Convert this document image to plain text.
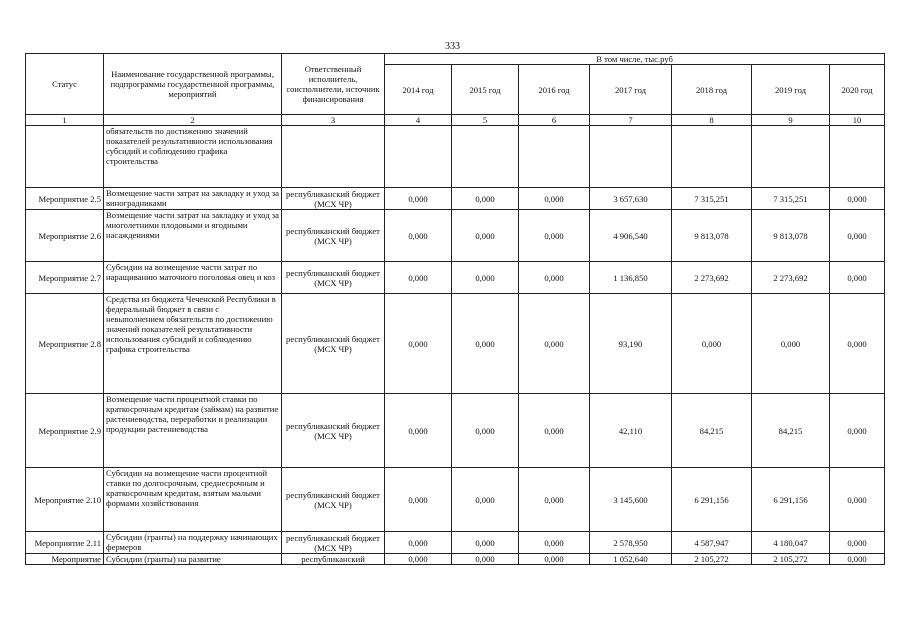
333
Статус	Наименование государственной программы, подпрограммы государственной программы, мероприятий	Ответственный исполнитель, соисполнители, источник финансирования	В том числе, тыс.руб						
			2014 год	2015 год	2016 год	2017 год	2018 год	2019 год	2020 год
1	2	3	4	5	6	7	8	9	10
	обязательств по достижению значений показателей результативности использования субсидий и соблюдению графика строительства								
Мероприятие 2.5	Возмещение части затрат на закладку и уход за виноградниками	республиканский бюджет (МСХ ЧР)	0,000	0,000	0,000	3 657,630	7 315,251	7 315,251	0,000
Мероприятие 2.6	Возмещение части затрат на закладку и уход за многолетними плодовыми и ягодными насаждениями	республиканский бюджет (МСХ ЧР)	0,000	0,000	0,000	4 906,540	9 813,078	9 813,078	0,000
Мероприятие 2.7	Субсидии на возмещение части затрат по наращиванию маточного поголовья овец и коз	республиканский бюджет (МСХ ЧР)	0,000	0,000	0,000	1 136,850	2 273,692	2 273,692	0,000
Мероприятие 2.8	Средства из бюджета Чеченской Республики в федеральный бюджет в связи с невыполнением обязательств по достижению значений показателей результативности использования субсидий и соблюдению графика строительства	республиканский бюджет (МСХ ЧР)	0,000	0,000	0,000	93,190	0,000	0,000	0,000
Мероприятие 2.9	Возмещение части процентной ставки по краткосрочным кредитам (займам) на развитие растениеводства, переработки и реализации продукции растениеводства	республиканский бюджет (МСХ ЧР)	0,000	0,000	0,000	42,110	84,215	84,215	0,000
Мероприятие 2.10	Субсидии на возмещение части процентной ставки по долгосрочным, среднесрочным и краткосрочным кредитам, взятым малыми формами хозяйствования	республиканский бюджет (МСХ ЧР)	0,000	0,000	0,000	3 145,600	6 291,156	6 291,156	0,000
Мероприятие 2.11	Субсидии (гранты) на поддержку начинающих фермеров	республиканский бюджет (МСХ ЧР)	0,000	0,000	0,000	2 578,950	4 587,947	4 180,047	0,000
Мероприятие	Субсидии (гранты) на развитие	республиканский	0,000	0,000	0,000	1 052,640	2 105,272	2 105,272	0,000
